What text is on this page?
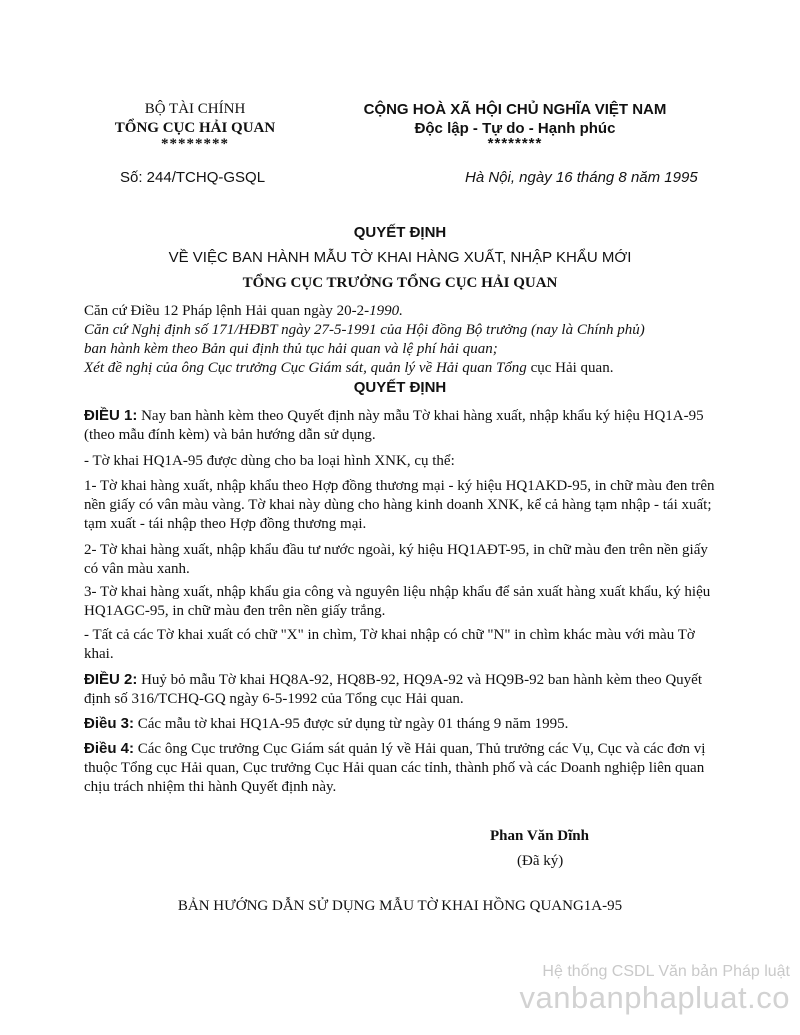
BỘ TÀI CHÍNH
TỔNG CỤC HẢI QUAN
********
CỘNG HOÀ XÃ HỘI CHỦ NGHĨA VIỆT NAM
Độc lập - Tự do - Hạnh phúc
********
Số: 244/TCHQ-GSQL	Hà Nội, ngày 16 tháng 8 năm 1995
QUYẾT ĐỊNH
VỀ VIỆC BAN HÀNH MẪU TỜ KHAI HÀNG XUẤT, NHẬP KHẨU MỚI
TỔNG CỤC TRƯỞNG TỔNG CỤC HẢI QUAN
Căn cứ Điều 12 Pháp lệnh Hải quan ngày 20-2-1990.
Căn cứ Nghị định số 171/HĐBT ngày 27-5-1991 của Hội đồng Bộ trưởng (nay là Chính phủ)
ban hành kèm theo Bản qui định thủ tục hải quan và lệ phí hải quan;
Xét đề nghị của ông Cục trưởng Cục Giám sát, quản lý về Hải quan Tổng cục Hải quan.
QUYẾT ĐỊNH

ĐIỀU 1: Nay ban hành kèm theo Quyết định này mẫu Tờ khai hàng xuất, nhập khẩu ký hiệu HQ1A-95 (theo mẫu đính kèm) và bản hướng dẫn sử dụng.

- Tờ khai HQ1A-95 được dùng cho ba loại hình XNK, cụ thể:

1- Tờ khai hàng xuất, nhập khẩu theo Hợp đồng thương mại - ký hiệu HQ1AKD-95, in chữ màu đen trên nền giấy có vân màu vàng. Tờ khai này dùng cho hàng kinh doanh XNK, kể cả hàng tạm nhập - tái xuất; tạm xuất - tái nhập theo Hợp đồng thương mại.

2- Tờ khai hàng xuất, nhập khẩu đầu tư nước ngoài, ký hiệu HQ1AĐT-95, in chữ màu đen trên nền giấy có vân màu xanh.

3- Tờ khai hàng xuất, nhập khẩu gia công và nguyên liệu nhập khẩu để sản xuất hàng xuất khẩu, ký hiệu HQ1AGC-95, in chữ màu đen trên nền giấy trắng.

- Tất cả các Tờ khai xuất có chữ "X" in chìm, Tờ khai nhập có chữ "N" in chìm khác màu với màu Tờ khai.

ĐIỀU 2: Huỷ bỏ mẫu Tờ khai HQ8A-92, HQ8B-92, HQ9A-92 và HQ9B-92 ban hành kèm theo Quyết định số 316/TCHQ-GQ ngày 6-5-1992 của Tổng cục Hải quan.

Điều 3: Các mẫu tờ khai HQ1A-95 được sử dụng từ ngày 01 tháng 9 năm 1995.

Điều 4: Các ông Cục trưởng Cục Giám sát quản lý về Hải quan, Thủ trưởng các Vụ, Cục và các đơn vị thuộc Tổng cục Hải quan, Cục trưởng Cục Hải quan các tỉnh, thành phố và các Doanh nghiệp liên quan chịu trách nhiệm thi hành Quyết định này.

Phan Văn Dĩnh
(Đã ký)
BẢN HƯỚNG DẪN SỬ DỤNG MẪU TỜ KHAI HỒNG QUANG1A-95
Hệ thống CSDL Văn bản Pháp luật
vanbanphapluat.co
